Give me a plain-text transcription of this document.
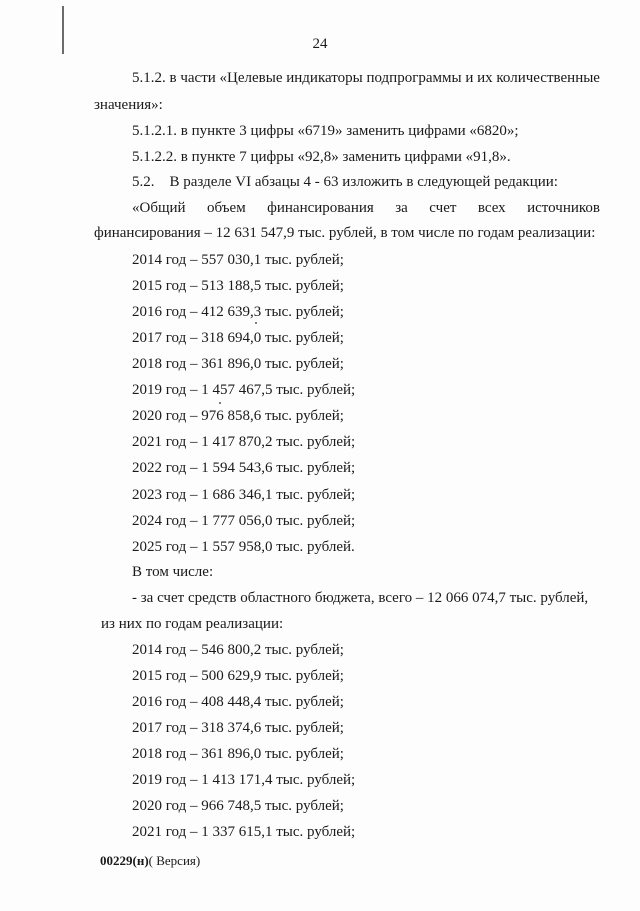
24
5.1.2. в части «Целевые индикаторы подпрограммы и их количественные
значения»:
5.1.2.1. в пункте 3 цифры «6719» заменить цифрами «6820»;
5.1.2.2. в пункте 7 цифры «92,8» заменить цифрами «91,8».
5.2.    В разделе VI абзацы 4 - 63 изложить в следующей редакции:
«Общий объем финансирования за счет всех источников
финансирования – 12 631 547,9 тыс. рублей, в том числе по годам реализации:
2014 год – 557 030,1 тыс. рублей;
2015 год – 513 188,5 тыс. рублей;
2016 год – 412 639,3 тыс. рублей;
2017 год – 318 694,0 тыс. рублей;
2018 год – 361 896,0 тыс. рублей;
2019 год – 1 457 467,5 тыс. рублей;
2020 год – 976 858,6 тыс. рублей;
2021 год – 1 417 870,2 тыс. рублей;
2022 год – 1 594 543,6 тыс. рублей;
2023 год – 1 686 346,1 тыс. рублей;
2024 год – 1 777 056,0 тыс. рублей;
2025 год – 1 557 958,0 тыс. рублей.
В том числе:
- за счет средств областного бюджета, всего – 12 066 074,7 тыс. рублей,
из них по годам реализации:
2014 год – 546 800,2 тыс. рублей;
2015 год – 500 629,9 тыс. рублей;
2016 год – 408 448,4 тыс. рублей;
2017 год – 318 374,6 тыс. рублей;
2018 год – 361 896,0 тыс. рублей;
2019 год – 1 413 171,4 тыс. рублей;
2020 год – 966 748,5 тыс. рублей;
2021 год – 1 337 615,1 тыс. рублей;
00229(н)( Версия)
